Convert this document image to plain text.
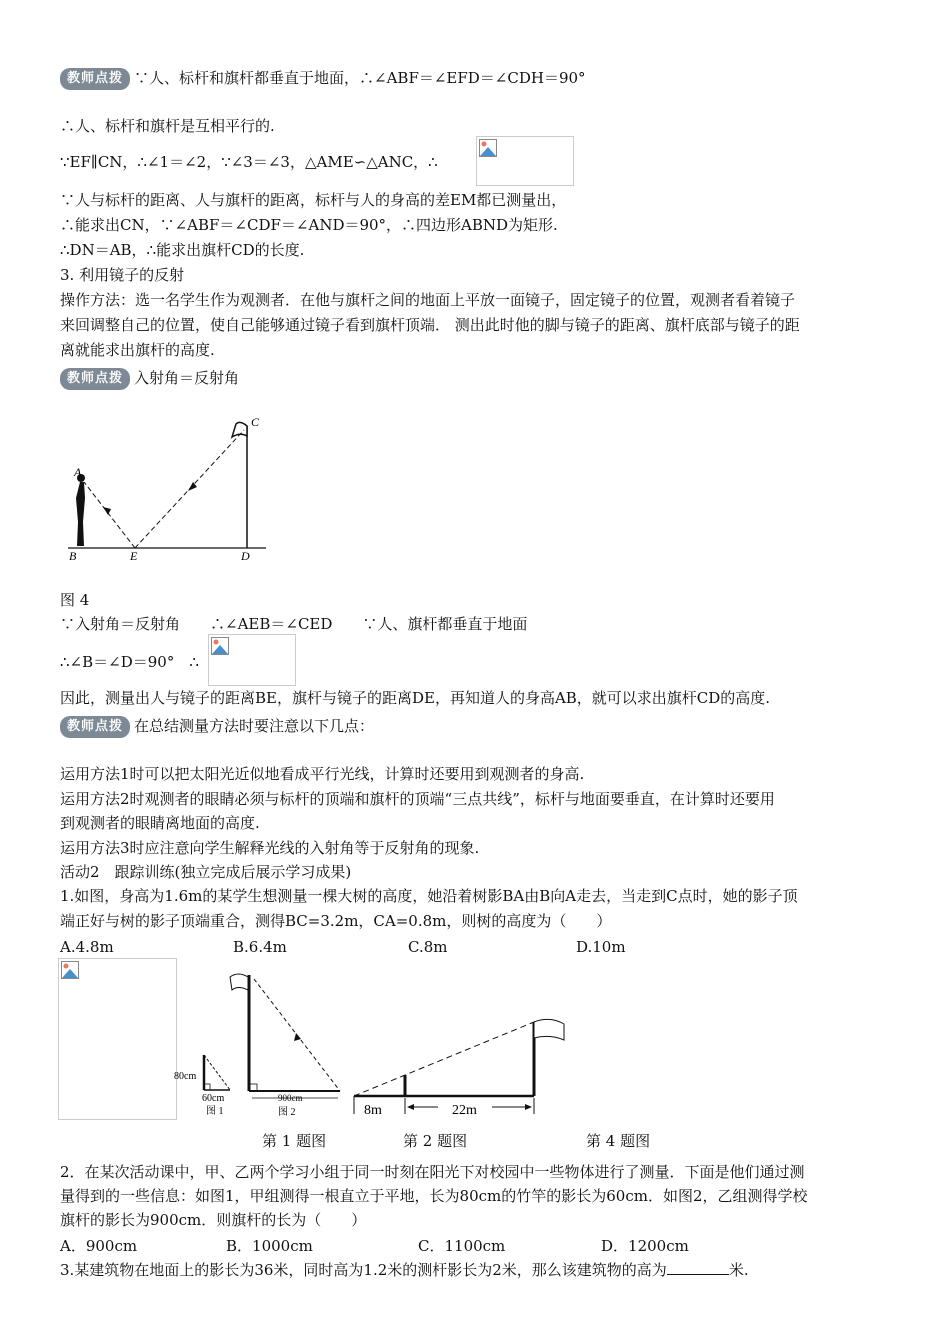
教师点拨 ∵人、标杆和旗杆都垂直于地面，∴∠ABF＝∠EFD＝∠CDH＝90°
∴人、标杆和旗杆是互相平行的.
∵EF∥CN，∴∠1＝∠2，∵∠3＝∠3，△AME∽△ANC，∴
∵人与标杆的距离、人与旗杆的距离，标杆与人的身高的差EM都已测量出，
∴能求出CN，∵∠ABF＝∠CDF＝∠AND＝90°，∴四边形ABND为矩形.
∴DN＝AB，∴能求出旗杆CD的长度.
3. 利用镜子的反射
操作方法：选一名学生作为观测者．在他与旗杆之间的地面上平放一面镜子，固定镜子的位置，观测者看着镜子
来回调整自己的位置，使自己能够通过镜子看到旗杆顶端． 测出此时他的脚与镜子的距离、旗杆底部与镜子的距
离就能求出旗杆的高度.
教师点拨 入射角＝反射角
A
B	E	D
C
图 4
∵入射角＝反射角　　∴∠AEB＝∠CED　　∵人、旗杆都垂直于地面
∴∠B＝∠D＝90°　∴
因此，测量出人与镜子的距离BE，旗杆与镜子的距离DE，再知道人的身高AB，就可以求出旗杆CD的高度.
教师点拨 在总结测量方法时要注意以下几点：
运用方法1时可以把太阳光近似地看成平行光线，计算时还要用到观测者的身高.
运用方法2时观测者的眼睛必须与标杆的顶端和旗杆的顶端“三点共线”，标杆与地面要垂直，在计算时还要用
到观测者的眼睛离地面的高度.
运用方法3时应注意向学生解释光线的入射角等于反射角的现象.
活动2　跟踪训练(独立完成后展示学习成果)
1.如图，身高为1.6m的某学生想测量一棵大树的高度，她沿着树影BA由B向A走去，当走到C点时，她的影子顶
端正好与树的影子顶端重合，测得BC=3.2m，CA=0.8m，则树的高度为（　　）
A.4.8m	B.6.4m	C.8m	D.10m
80cm
60cm
图 1
900cm
图 2	8m	22m
第 1 题图	第 2 题图	第 4 题图
2．在某次活动课中，甲、乙两个学习小组于同一时刻在阳光下对校园中一些物体进行了测量．下面是他们通过测
量得到的一些信息：如图1，甲组测得一根直立于平地，长为80cm的竹竿的影长为60cm．如图2，乙组测得学校
旗杆的影长为900cm．则旗杆的长为（　　）
A．900cm	B．1000cm	C．1100cm	D．1200cm
3.某建筑物在地面上的影长为36米，同时高为1.2米的测杆影长为2米，那么该建筑物的高为	米.
